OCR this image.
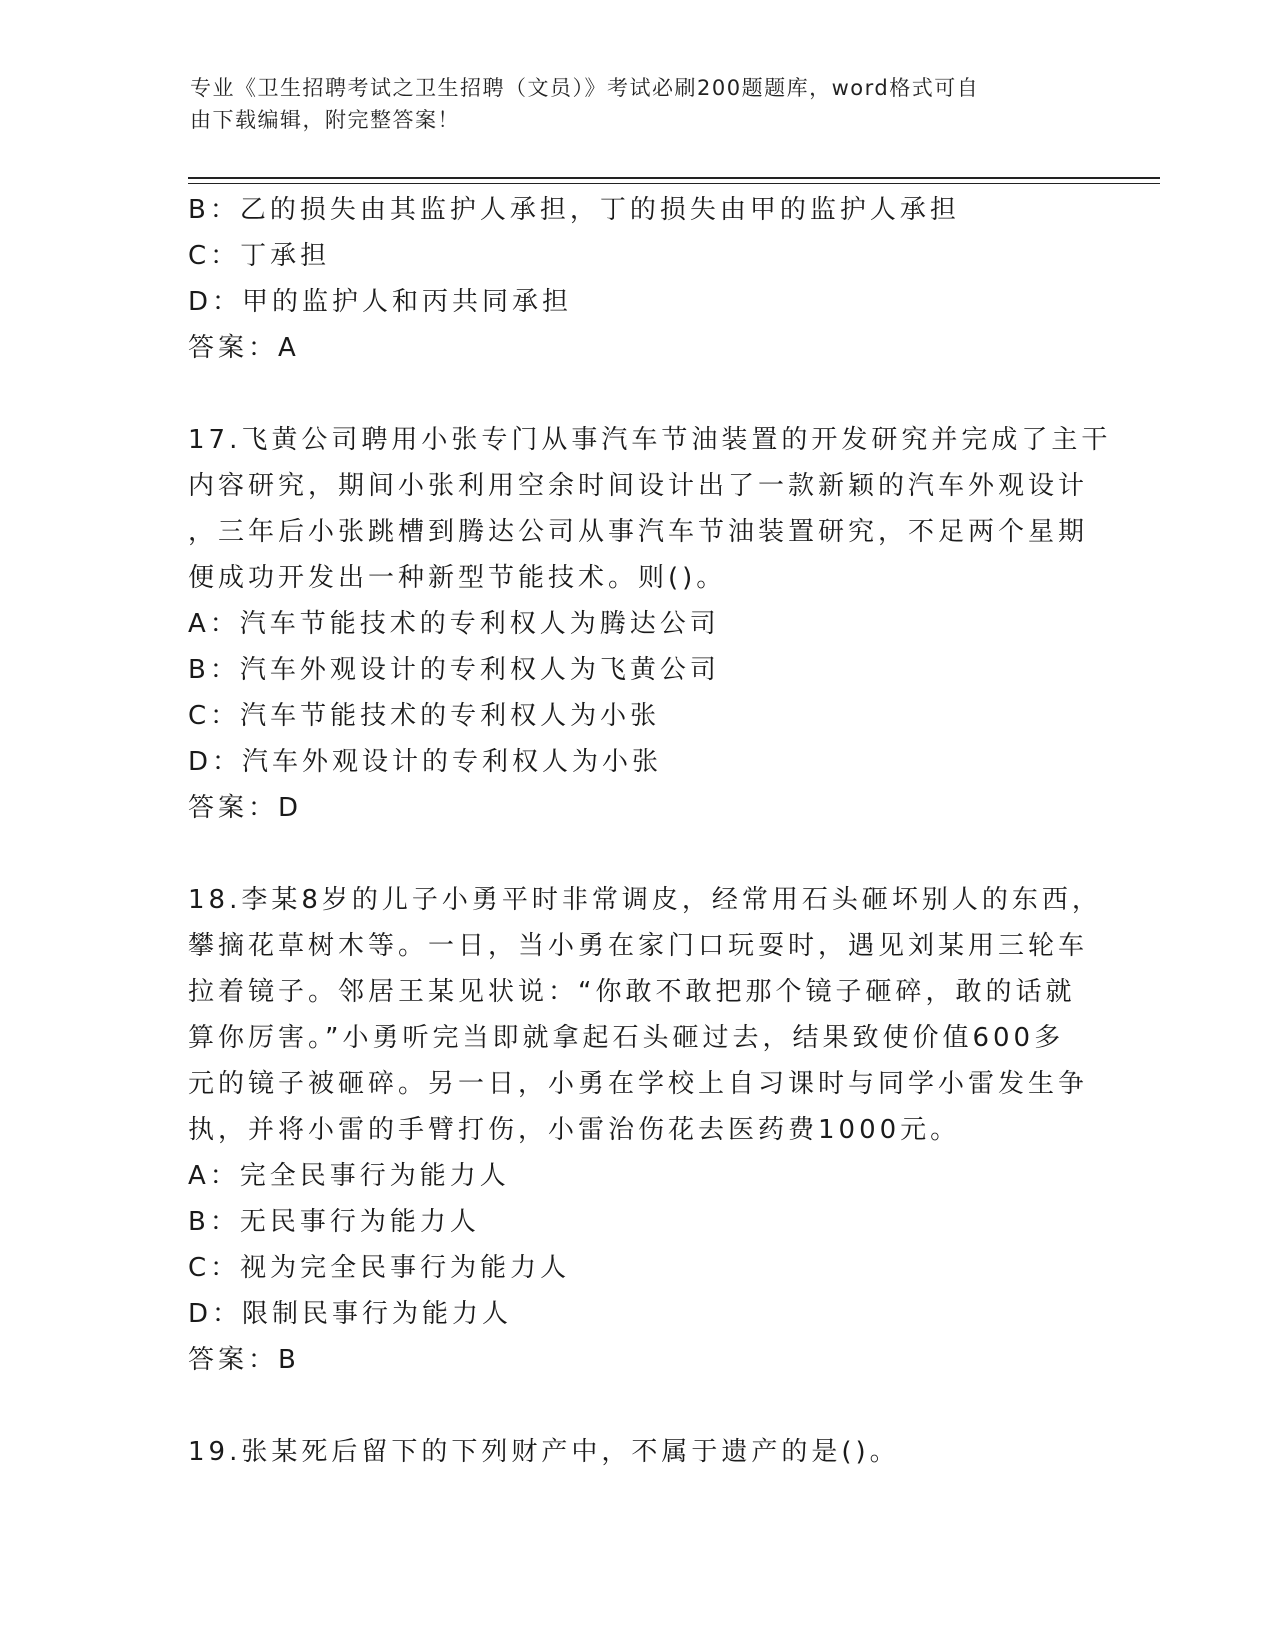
专业《卫生招聘考试之卫生招聘（文员）》考试必刷200题题库，word格式可自
由下载编辑，附完整答案！
B：乙的损失由其监护人承担，丁的损失由甲的监护人承担
C：丁承担
D：甲的监护人和丙共同承担
答案：A
17.飞黄公司聘用小张专门从事汽车节油装置的开发研究并完成了主干
内容研究，期间小张利用空余时间设计出了一款新颖的汽车外观设计
，三年后小张跳槽到腾达公司从事汽车节油装置研究，不足两个星期
便成功开发出一种新型节能技术。则()。
A：汽车节能技术的专利权人为腾达公司
B：汽车外观设计的专利权人为飞黄公司
C：汽车节能技术的专利权人为小张
D：汽车外观设计的专利权人为小张
答案：D
18.李某8岁的儿子小勇平时非常调皮，经常用石头砸坏别人的东西，
攀摘花草树木等。一日，当小勇在家门口玩耍时，遇见刘某用三轮车
拉着镜子。邻居王某见状说：“你敢不敢把那个镜子砸碎，敢的话就
算你厉害。”小勇听完当即就拿起石头砸过去，结果致使价值600多
元的镜子被砸碎。另一日，小勇在学校上自习课时与同学小雷发生争
执，并将小雷的手臂打伤，小雷治伤花去医药费1000元。
A：完全民事行为能力人
B：无民事行为能力人
C：视为完全民事行为能力人
D：限制民事行为能力人
答案：B
19.张某死后留下的下列财产中，不属于遗产的是()。
